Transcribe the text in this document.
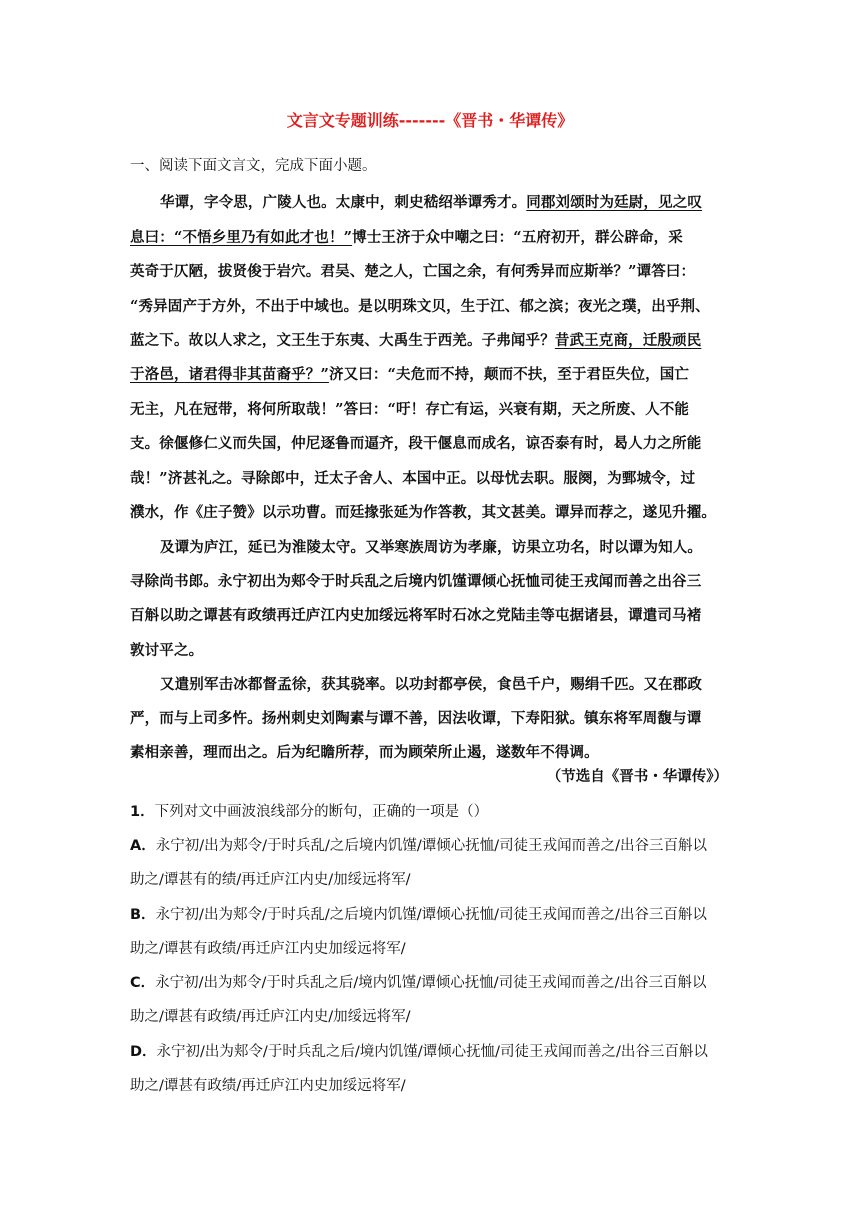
文言文专题训练-------《晋书・华谭传》
一、阅读下面文言文，完成下面小题。
华谭，字令思，广陵人也。太康中，刺史嵇绍举谭秀才。同郡刘颂时为廷尉，见之叹
息曰：“不悟乡里乃有如此才也！”博士王济于众中嘲之曰：“五府初开，群公辟命，采
英奇于仄陋，拔贤俊于岩穴。君吴、楚之人，亡国之余，有何秀异而应斯举？”谭答曰：
“秀异固产于方外，不出于中域也。是以明珠文贝，生于江、郁之滨；夜光之璞，出乎荆、
蓝之下。故以人求之，文王生于东夷、大禹生于西羌。子弗闻乎？昔武王克商，迁殷顽民
于洛邑，诸君得非其苗裔乎？”济又曰：“夫危而不持，颠而不扶，至于君臣失位，国亡
无主，凡在冠带，将何所取哉！”答曰：“吁！存亡有运，兴衰有期，天之所废、人不能
支。徐偃修仁义而失国，仲尼逐鲁而逼齐，段干偃息而成名，谅否泰有时，曷人力之所能
哉！”济甚礼之。寻除郎中，迁太子舍人、本国中正。以母忧去职。服阕，为鄄城令，过
濮水，作《庄子赞》以示功曹。而廷掾张延为作答教，其文甚美。谭异而荐之，遂见升擢。
及谭为庐江，延已为淮陵太守。又举寒族周访为孝廉，访果立功名，时以谭为知人。
寻除尚书郎。永宁初出为郏令于时兵乱之后境内饥馑谭倾心抚恤司徒王戎闻而善之出谷三
百斛以助之谭甚有政绩再迁庐江内史加绥远将军时石冰之党陆圭等屯据诸县，谭遣司马褚
敦讨平之。
又遣别军击冰都督孟徐，获其骁率。以功封都亭侯，食邑千户，赐绢千匹。又在郡政
严，而与上司多忤。扬州刺史刘陶素与谭不善，因法收谭，下寿阳狱。镇东将军周馥与谭
素相亲善，理而出之。后为纪瞻所荐，而为顾荣所止遏，遂数年不得调。
（节选自《晋书・华谭传》）
1．下列对文中画波浪线部分的断句，正确的一项是（）
A．永宁初/出为郏令/于时兵乱/之后境内饥馑/谭倾心抚恤/司徒王戎闻而善之/出谷三百斛以
助之/谭甚有的绩/再迁庐江内史/加绥远将军/
B．永宁初/出为郏令/于时兵乱/之后境内饥馑/谭倾心抚恤/司徒王戎闻而善之/出谷三百斛以
助之/谭甚有政绩/再迁庐江内史加绥远将军/
C．永宁初/出为郏令/于时兵乱之后/境内饥馑/谭倾心抚恤/司徒王戎闻而善之/出谷三百斛以
助之/谭甚有政绩/再迁庐江内史/加绥远将军/
D．永宁初/出为郏令/于时兵乱之后/境内饥馑/谭倾心抚恤/司徒王戎闻而善之/出谷三百斛以
助之/谭甚有政绩/再迁庐江内史加绥远将军/
